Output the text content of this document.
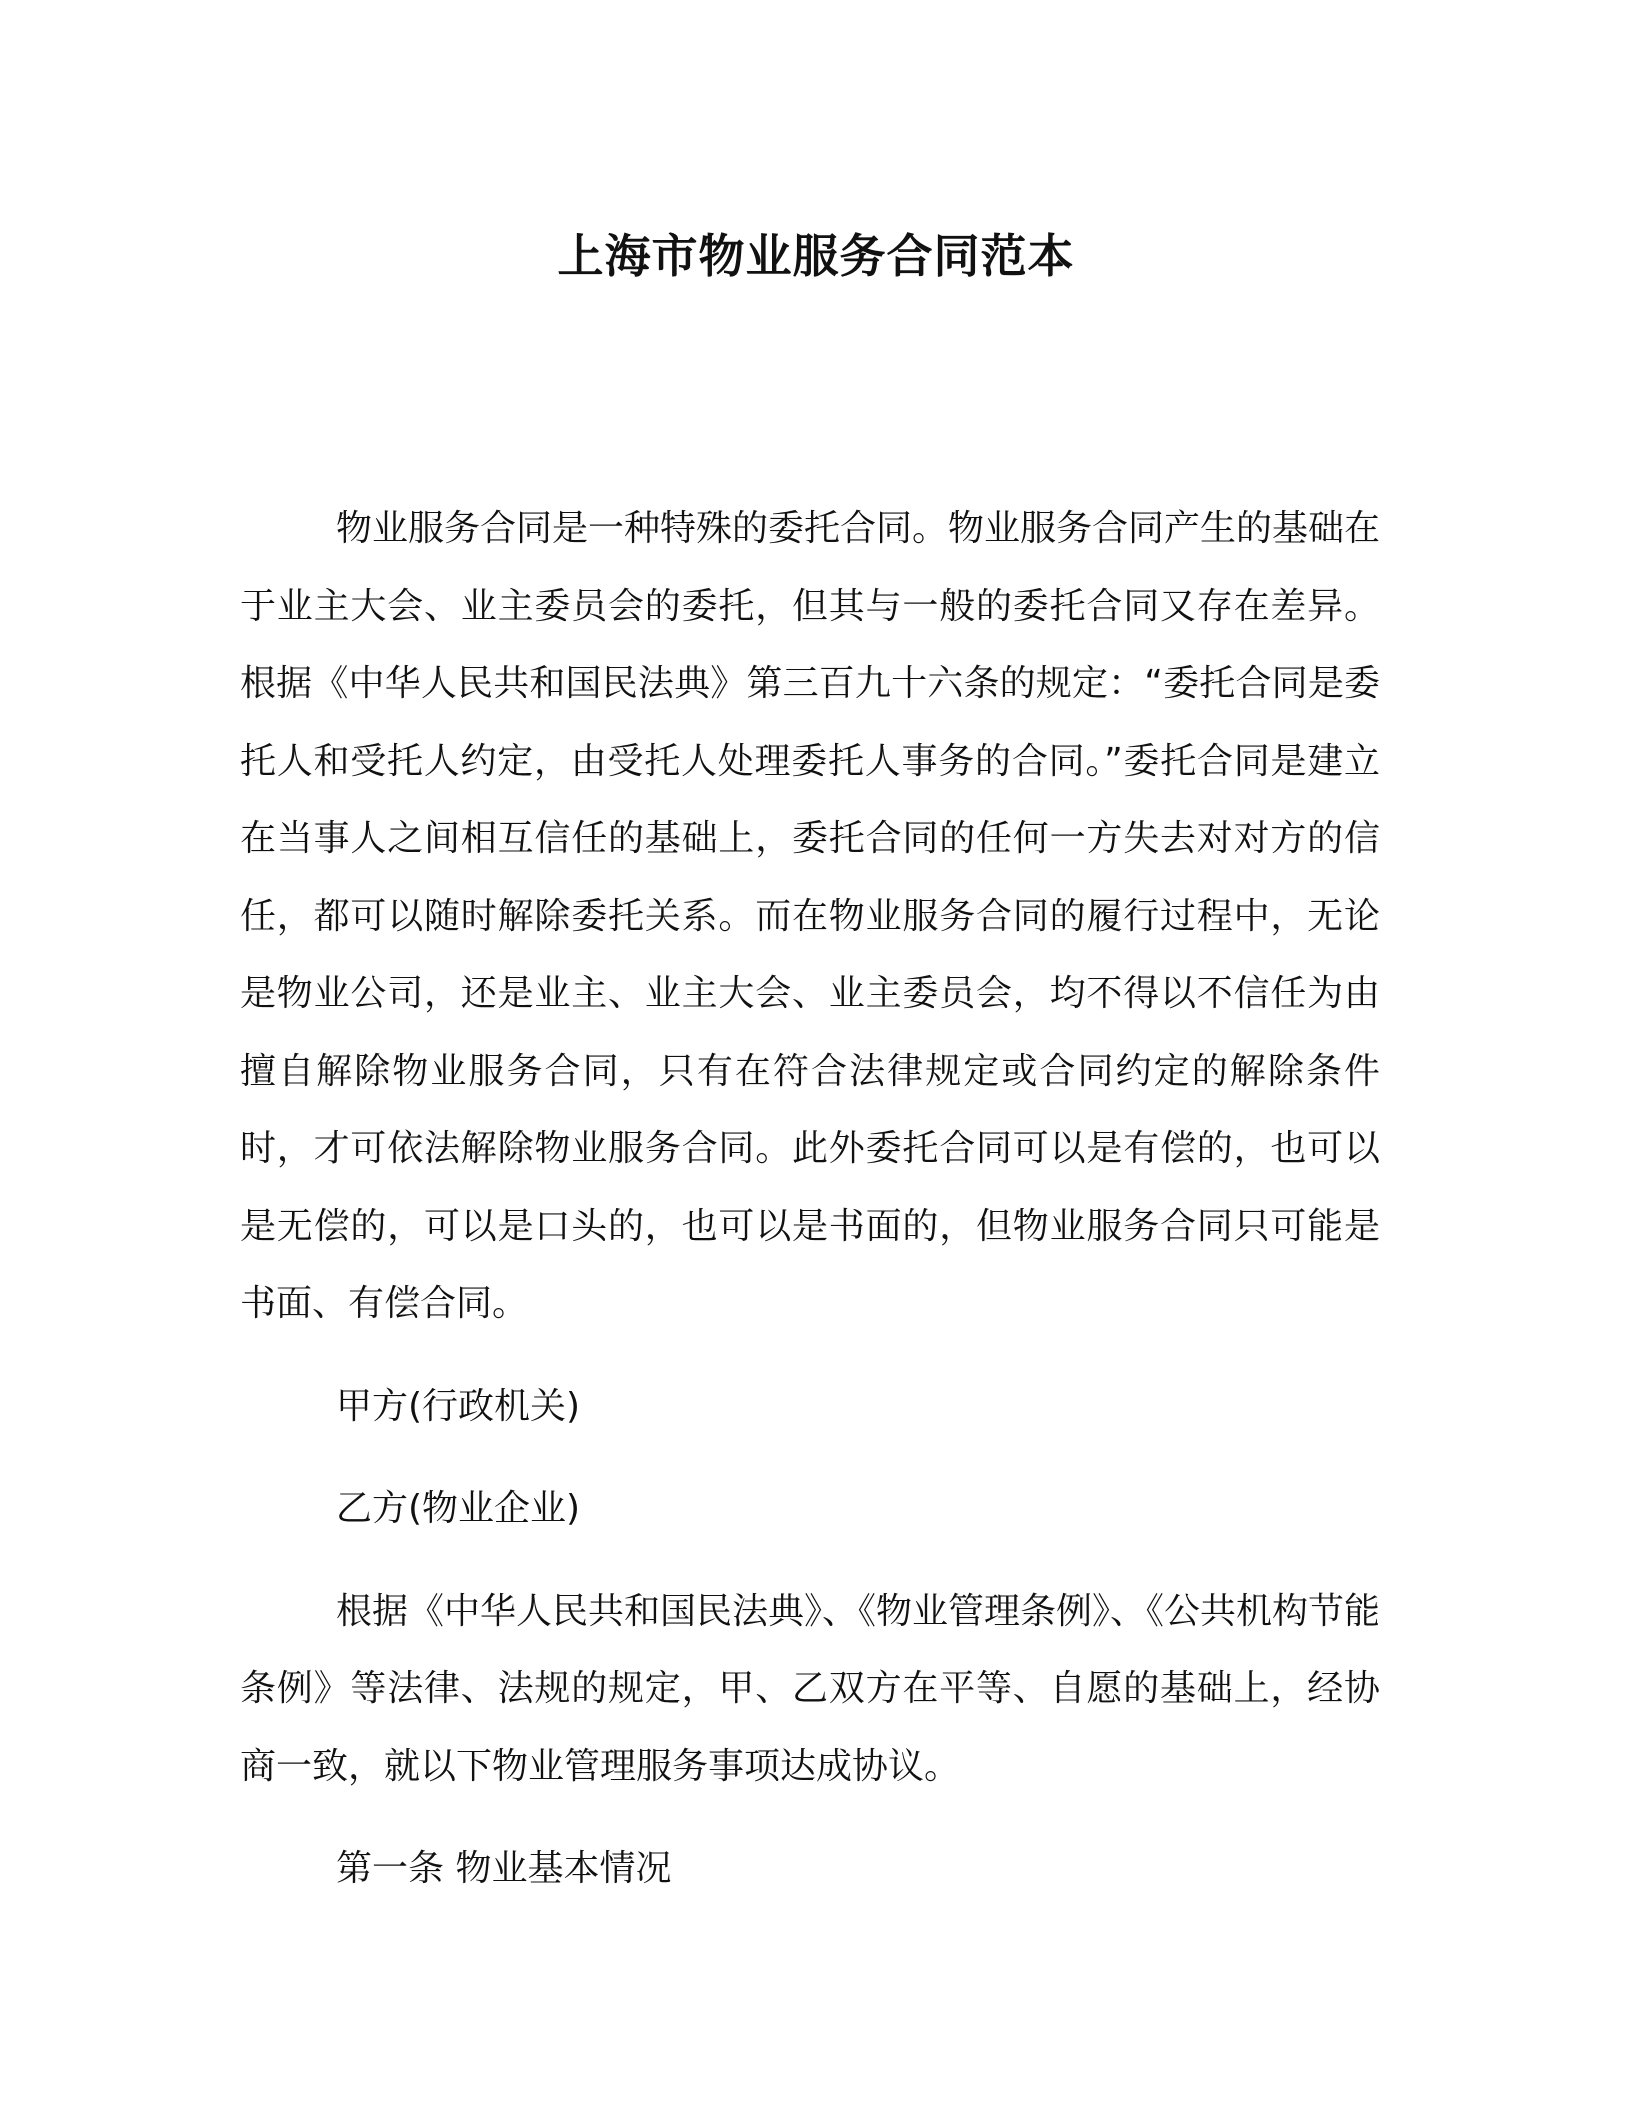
上海市物业服务合同范本

物业服务合同是一种特殊的委托合同。物业服务合同产生的基础在于业主大会、业主委员会的委托，但其与一般的委托合同又存在差异。根据《中华人民共和国民法典》第三百九十六条的规定：“委托合同是委托人和受托人约定，由受托人处理委托人事务的合同。”委托合同是建立在当事人之间相互信任的基础上，委托合同的任何一方失去对对方的信任，都可以随时解除委托关系。而在物业服务合同的履行过程中，无论是物业公司，还是业主、业主大会、业主委员会，均不得以不信任为由擅自解除物业服务合同，只有在符合法律规定或合同约定的解除条件时，才可依法解除物业服务合同。此外委托合同可以是有偿的，也可以是无偿的，可以是口头的，也可以是书面的，但物业服务合同只可能是书面、有偿合同。

甲方(行政机关)

乙方(物业企业)

根据《中华人民共和国民法典》、《物业管理条例》、《公共机构节能条例》等法律、法规的规定，甲、乙双方在平等、自愿的基础上，经协商一致，就以下物业管理服务事项达成协议。

第一条 物业基本情况
